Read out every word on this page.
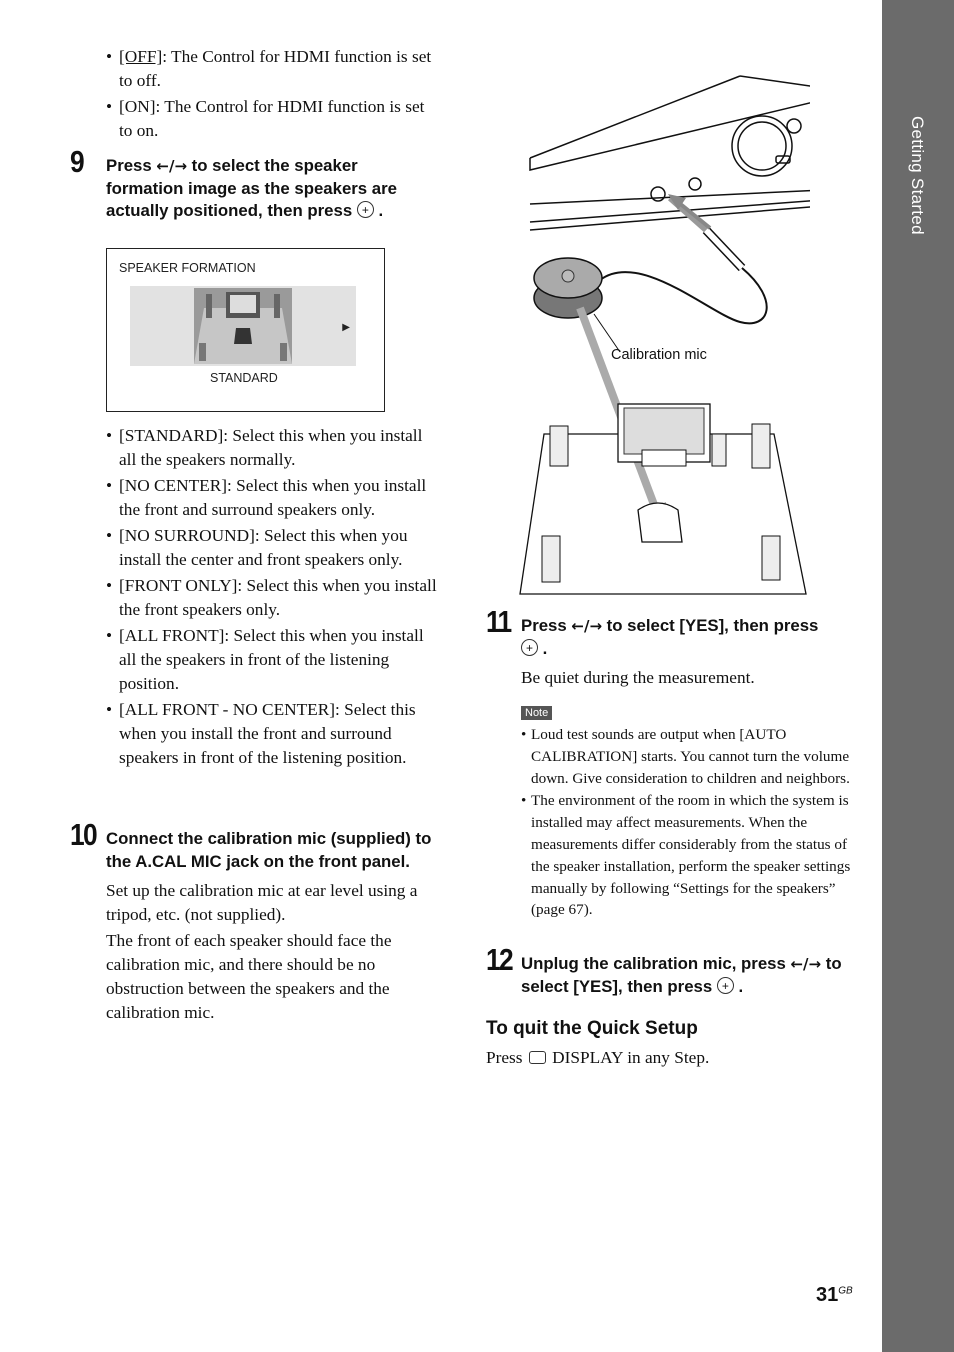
Getting Started
• [OFF]: The Control for HDMI function is set to off.
• [ON]: The Control for HDMI function is set to on.
9 Press ←/→ to select the speaker formation image as the speakers are actually positioned, then press + .
SPEAKER FORMATION
▶
STANDARD
• [STANDARD]: Select this when you install all the speakers normally.
• [NO CENTER]: Select this when you install the front and surround speakers only.
• [NO SURROUND]: Select this when you install the center and front speakers only.
• [FRONT ONLY]: Select this when you install the front speakers only.
• [ALL FRONT]: Select this when you install all the speakers in front of the listening position.
• [ALL FRONT - NO CENTER]: Select this when you install the front and surround speakers in front of the listening position.
10 Connect the calibration mic (supplied) to the A.CAL MIC jack on the front panel.
Set up the calibration mic at ear level using a tripod, etc. (not supplied).
The front of each speaker should face the calibration mic, and there should be no obstruction between the speakers and the calibration mic.
Calibration mic
11 Press ←/→ to select [YES], then press
+ .
Be quiet during the measurement.
Note
• Loud test sounds are output when [AUTO CALIBRATION] starts. You cannot turn the volume down. Give consideration to children and neighbors.
• The environment of the room in which the system is installed may affect measurements. When the measurements differ considerably from the status of the speaker installation, perform the speaker settings manually by following “Settings for the speakers” (page 67).
12 Unplug the calibration mic, press ←/→ to select [YES], then press + .
To quit the Quick Setup
Press DISPLAY in any Step.
$31^{GB}$
